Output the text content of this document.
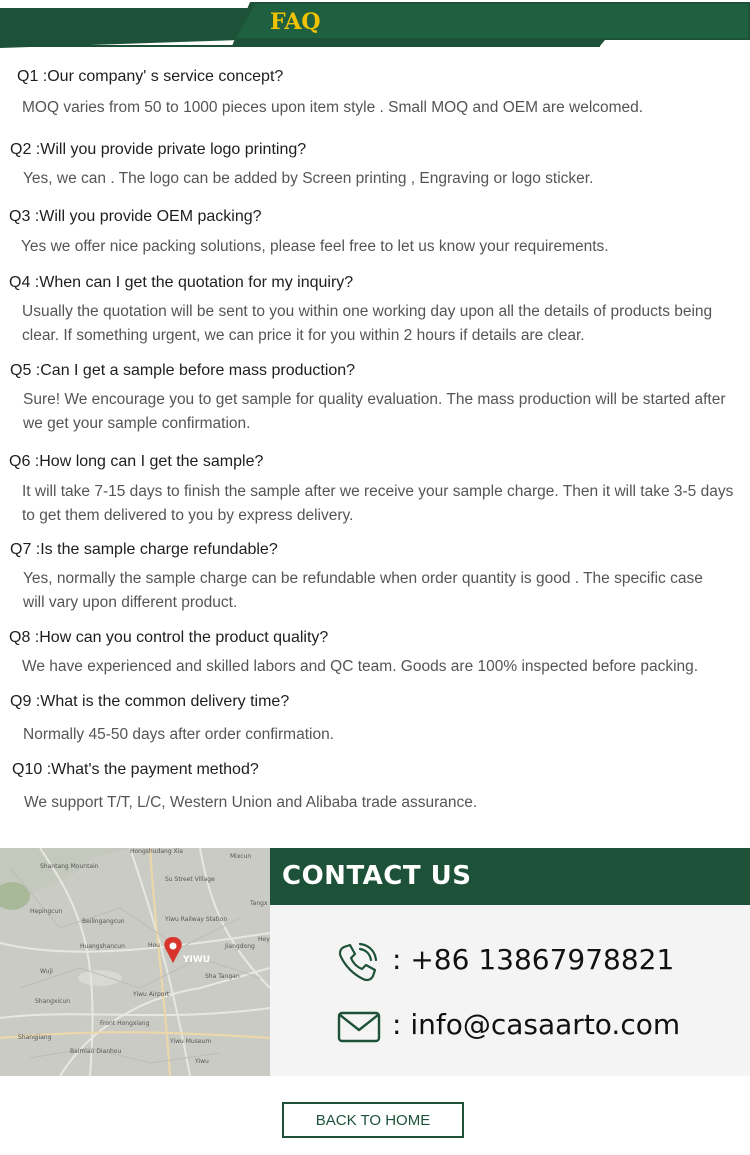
FAQ
Q1 :Our company' s service concept?
MOQ varies from 50 to 1000 pieces upon item style . Small MOQ and OEM are welcomed.
Q2 :Will you provide private logo printing?
Yes, we can . The logo can be added by Screen printing , Engraving or logo sticker.
Q3 :Will you provide OEM packing?
Yes we offer nice packing solutions, please feel free to let us know your requirements.
Q4 :When can I get the quotation for my inquiry?
Usually the quotation will be sent to you within one working day upon all the details of products being
clear. If something urgent, we can price it for you within 2 hours if details are clear.
Q5 :Can I get a sample before mass production?
Sure! We encourage you to get sample for quality evaluation. The mass production will be started after
we get your sample confirmation.
Q6 :How long can I get the sample?
It will take 7-15 days to finish the sample after we receive your sample charge. Then it will take 3-5 days
to get them delivered to you by express delivery.
Q7 :Is the sample charge refundable?
Yes, normally the sample charge can be refundable when order quantity is good . The specific case
will vary upon different product.
Q8 :How can you control the product quality?
We have experienced and skilled labors and QC team. Goods are 100% inspected before packing.
Q9 :What is the common delivery time?
Normally 45-50 days after order confirmation.
Q10 :What's the payment method?
We support T/T, L/C, Western Union and Alibaba trade assurance.
YIWU
Hongshudang Xia
Shantang Mountain
Mixcun
Su Street Village
Hepingcun
Beilingangcun	Yiwu Railway Station
Tangx
Huangshancun	Hou	Jiangdong
Wuji
Sha Tangan
Yiwu Airport
Shangxicun
Front Hongxiang
Shangjiang
Yiwu Museum
Baimiao Dianhou
Yiwu
Hey
CONTACT US
: +86 13867978821
: info@casaarto.com
BACK TO HOME
